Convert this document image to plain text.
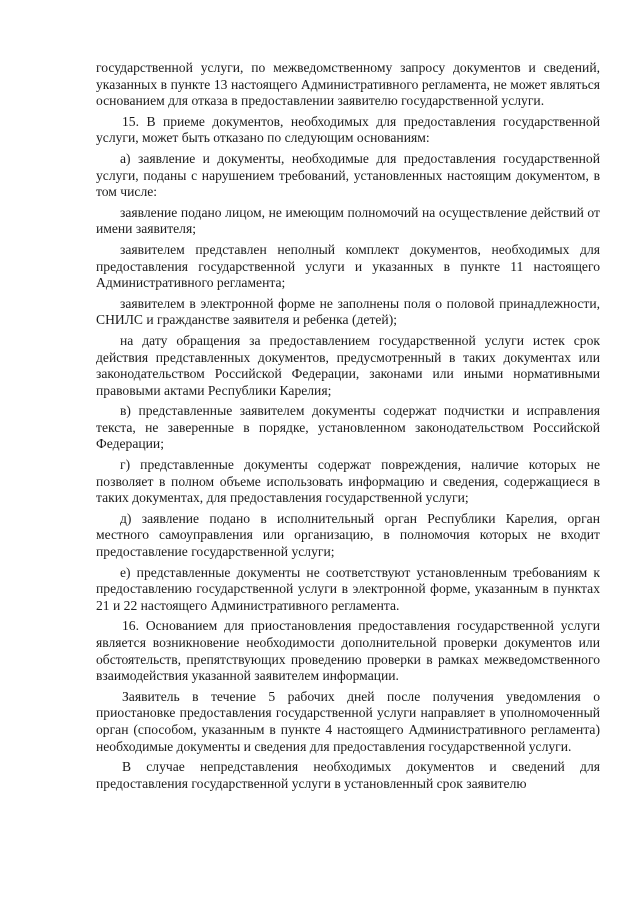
государственной услуги, по межведомственному запросу документов и сведений, указанных в пункте 13 настоящего Административного регламента, не может являться основанием для отказа в предоставлении заявителю государственной услуги.

15. В приеме документов, необходимых для предоставления государственной услуги, может быть отказано по следующим основаниям:

а) заявление и документы, необходимые для предоставления государственной услуги, поданы с нарушением требований, установленных настоящим документом, в том числе:

заявление подано лицом, не имеющим полномочий на осуществление действий от имени заявителя;

заявителем представлен неполный комплект документов, необходимых для предоставления государственной услуги и указанных в пункте 11 настоящего Административного регламента;

заявителем в электронной форме не заполнены поля о половой принадлежности, СНИЛС и гражданстве заявителя и ребенка (детей);

на дату обращения за предоставлением государственной услуги истек срок действия представленных документов, предусмотренный в таких документах или законодательством Российской Федерации, законами или иными нормативными правовыми актами Республики Карелия;

в) представленные заявителем документы содержат подчистки и исправления текста, не заверенные в порядке, установленном законодательством Российской Федерации;

г) представленные документы содержат повреждения, наличие которых не позволяет в полном объеме использовать информацию и сведения, содержащиеся в таких документах, для предоставления государственной услуги;

д) заявление подано в исполнительный орган Республики Карелия, орган местного самоуправления или организацию, в полномочия которых не входит предоставление государственной услуги;

е) представленные документы не соответствуют установленным требованиям к предоставлению государственной услуги в электронной форме, указанным в пунктах 21 и 22 настоящего Административного регламента.

16. Основанием для приостановления предоставления государственной услуги является возникновение необходимости дополнительной проверки документов или обстоятельств, препятствующих проведению проверки в рамках межведомственного взаимодействия указанной заявителем информации.

Заявитель в течение 5 рабочих дней после получения уведомления о приостановке предоставления государственной услуги направляет в уполномоченный орган (способом, указанным в пункте 4 настоящего Административного регламента) необходимые документы и сведения для предоставления государственной услуги.

В случае непредставления необходимых документов и сведений для предоставления государственной услуги в установленный срок заявителю
